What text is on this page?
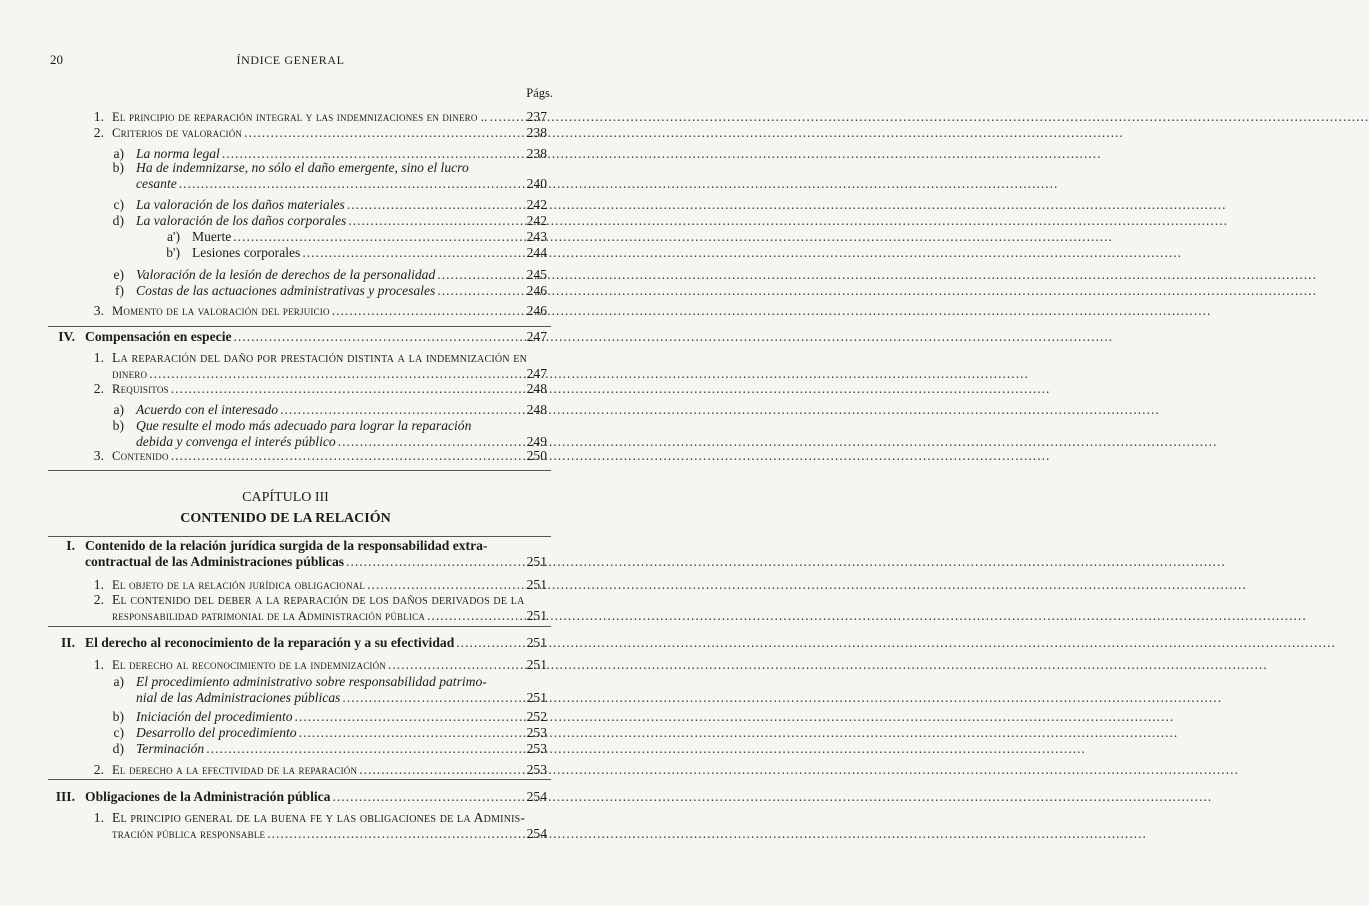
20	ÍNDICE GENERAL
Págs.
1. El principio de reparación integral y las indemnizaciones en dinero .. .....	237
2. Criterios de valoración .....	238
a) La norma legal .....	238
b) Ha de indemnizarse, no sólo el daño emergente, sino el lucro
cesante .....	240
c) La valoración de los daños materiales .....	242
d) La valoración de los daños corporales .....	242
a') Muerte .....	243
b') Lesiones corporales .....	244
e) Valoración de la lesión de derechos de la personalidad .....	245
f) Costas de las actuaciones administrativas y procesales .....	246
3. Momento de la valoración del perjuicio .....	246
IV. Compensación en especie .....	247
1. La reparación del daño por prestación distinta a la indemnización en
dinero .....	247
2. Requisitos .....	248
a) Acuerdo con el interesado .....	248
b) Que resulte el modo más adecuado para lograr la reparación
debida y convenga el interés público .....	249
3. Contenido .....	250
I. Contenido de la relación jurídica surgida de la responsabilidad extra-
contractual de las Administraciones públicas .....	251
1. El objeto de la relación jurídica obligacional .....	251
2. El contenido del deber a la reparación de los daños derivados de la
responsabilidad patrimonial de la Administración pública .....	251
II. El derecho al reconocimiento de la reparación y a su efectividad .....	251
1. El derecho al reconocimiento de la indemnización .....	251
a) El procedimiento administrativo sobre responsabilidad patrimo-
nial de las Administraciones públicas .....	251
b) Iniciación del procedimiento .....	252
c) Desarrollo del procedimiento .....	253
d) Terminación .....	253
2. El derecho a la efectividad de la reparación .....	253
III. Obligaciones de la Administración pública .....	254
1. El principio general de la buena fe y las obligaciones de la Adminis-
tración pública responsable .....	254
CAPÍTULO III
CONTENIDO DE LA RELACIÓN
